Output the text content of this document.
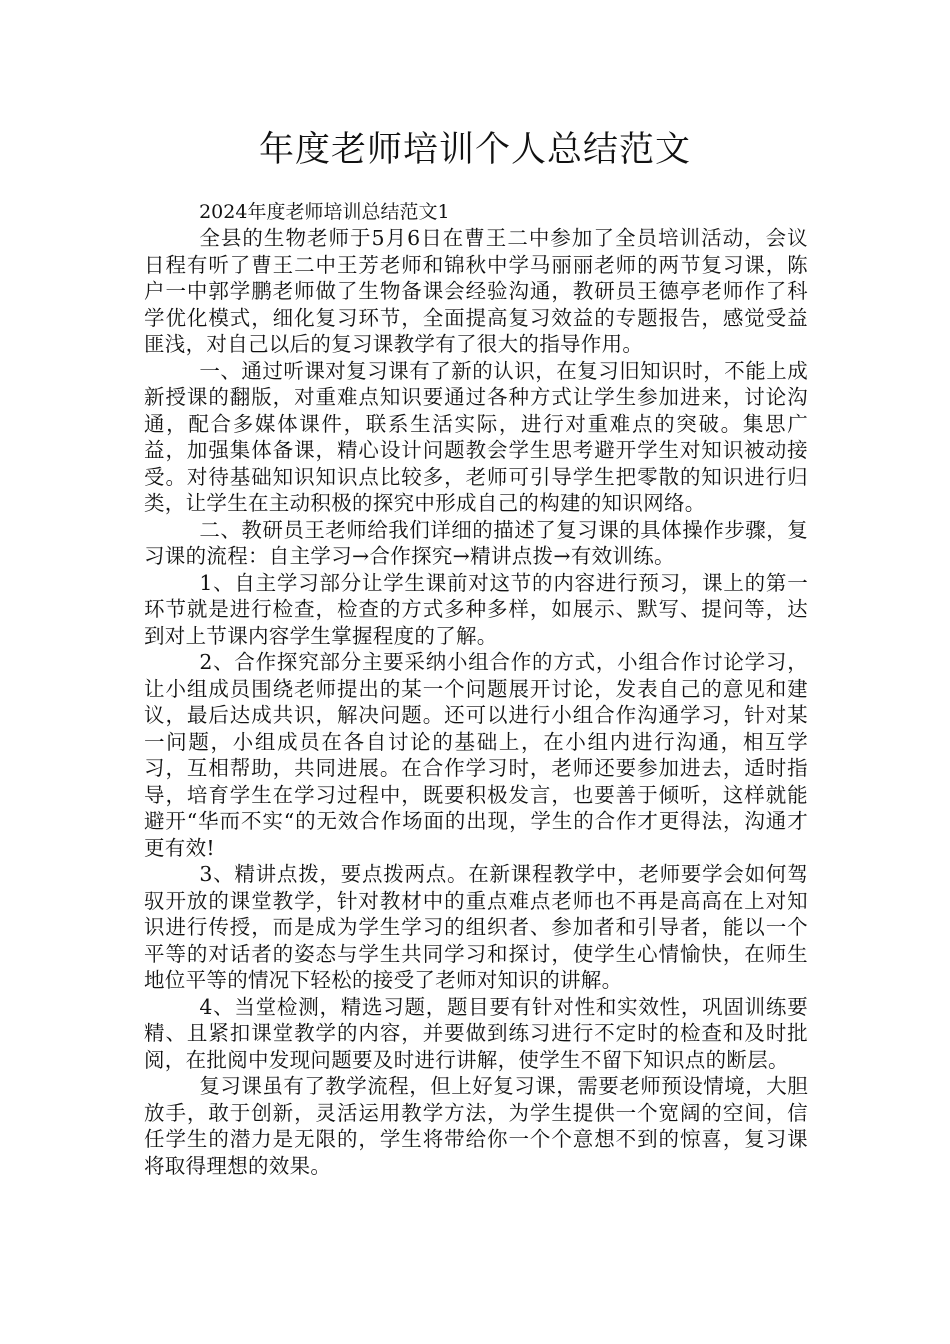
年度老师培训个人总结范文

2024年度老师培训总结范文1

全县的生物老师于5月6日在曹王二中参加了全员培训活动，会议日程有听了曹王二中王芳老师和锦秋中学马丽丽老师的两节复习课，陈户一中郭学鹏老师做了生物备课会经验沟通，教研员王德亭老师作了科学优化模式，细化复习环节，全面提高复习效益的专题报告，感觉受益匪浅，对自己以后的复习课教学有了很大的指导作用。

一、通过听课对复习课有了新的认识，在复习旧知识时，不能上成新授课的翻版，对重难点知识要通过各种方式让学生参加进来，讨论沟通，配合多媒体课件，联系生活实际，进行对重难点的突破。集思广益，加强集体备课，精心设计问题教会学生思考避开学生对知识被动接受。对待基础知识知识点比较多，老师可引导学生把零散的知识进行归类，让学生在主动积极的探究中形成自己的构建的知识网络。

二、教研员王老师给我们详细的描述了复习课的具体操作步骤，复习课的流程：自主学习→合作探究→精讲点拨→有效训练。

1、自主学习部分让学生课前对这节的内容进行预习，课上的第一环节就是进行检查，检查的方式多种多样，如展示、默写、提问等，达到对上节课内容学生掌握程度的了解。

2、合作探究部分主要采纳小组合作的方式，小组合作讨论学习，让小组成员围绕老师提出的某一个问题展开讨论，发表自己的意见和建议，最后达成共识，解决问题。还可以进行小组合作沟通学习，针对某一问题，小组成员在各自讨论的基础上，在小组内进行沟通，相互学习，互相帮助，共同进展。在合作学习时，老师还要参加进去，适时指导，培育学生在学习过程中，既要积极发言，也要善于倾听，这样就能避开“华而不实“的无效合作场面的出现，学生的合作才更得法，沟通才更有效!

3、精讲点拨，要点拨两点。在新课程教学中，老师要学会如何驾驭开放的课堂教学，针对教材中的重点难点老师也不再是高高在上对知识进行传授，而是成为学生学习的组织者、参加者和引导者，能以一个平等的对话者的姿态与学生共同学习和探讨，使学生心情愉快，在师生地位平等的情况下轻松的接受了老师对知识的讲解。

4、当堂检测，精选习题，题目要有针对性和实效性，巩固训练要精、且紧扣课堂教学的内容，并要做到练习进行不定时的检查和及时批阅，在批阅中发现问题要及时进行讲解，使学生不留下知识点的断层。

复习课虽有了教学流程，但上好复习课，需要老师预设情境，大胆放手，敢于创新，灵活运用教学方法，为学生提供一个宽阔的空间，信任学生的潜力是无限的，学生将带给你一个个意想不到的惊喜，复习课将取得理想的效果。
